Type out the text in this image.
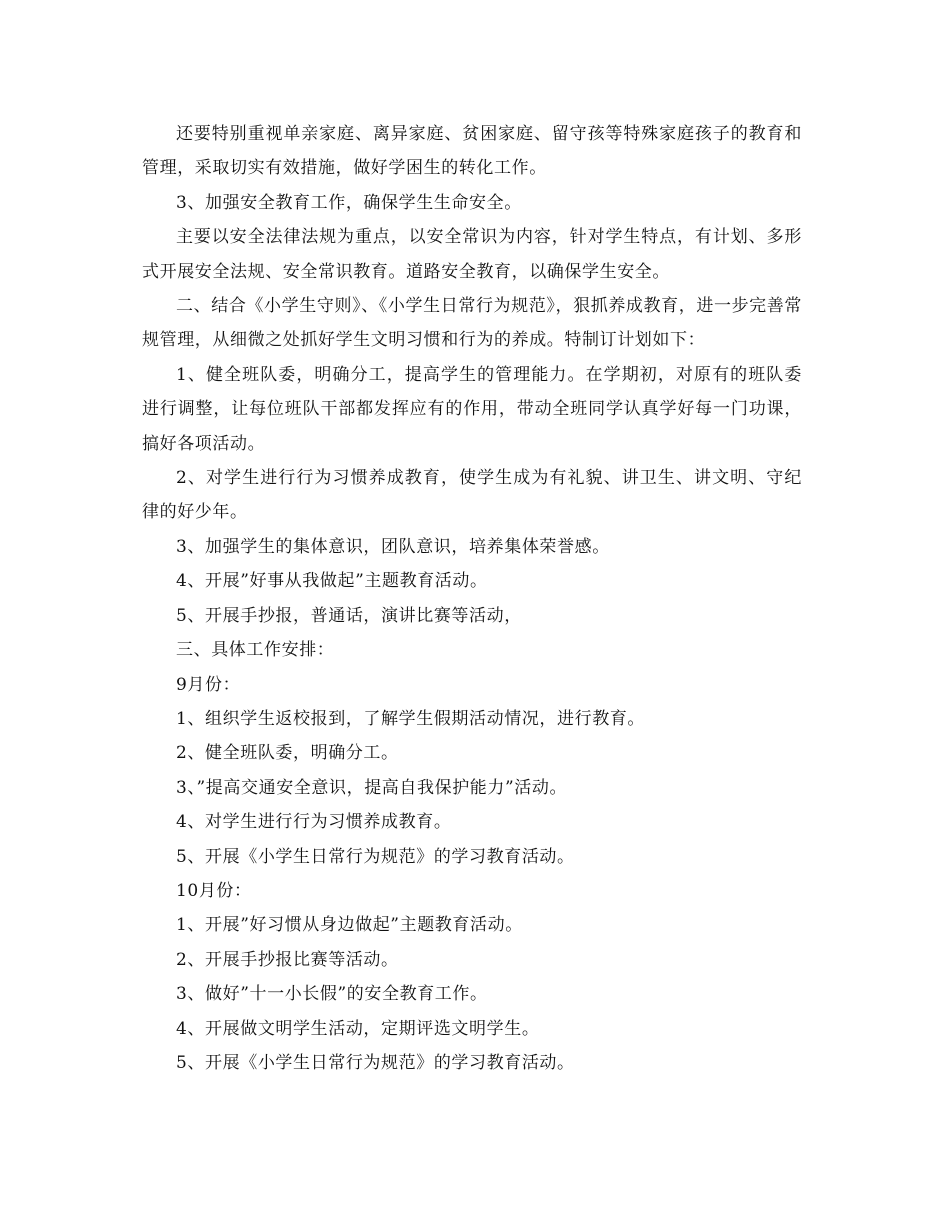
还要特别重视单亲家庭、离异家庭、贫困家庭、留守孩等特殊家庭孩子的教育和管理，采取切实有效措施，做好学困生的转化工作。

3、加强安全教育工作，确保学生生命安全。

主要以安全法律法规为重点，以安全常识为内容，针对学生特点，有计划、多形式开展安全法规、安全常识教育。道路安全教育，以确保学生安全。

二、结合《小学生守则》、《小学生日常行为规范》，狠抓养成教育，进一步完善常规管理，从细微之处抓好学生文明习惯和行为的养成。特制订计划如下：

1、健全班队委，明确分工，提高学生的管理能力。在学期初，对原有的班队委进行调整，让每位班队干部都发挥应有的作用，带动全班同学认真学好每一门功课，搞好各项活动。

2、对学生进行行为习惯养成教育，使学生成为有礼貌、讲卫生、讲文明、守纪律的好少年。

3、加强学生的集体意识，团队意识，培养集体荣誉感。

4、开展”好事从我做起”主题教育活动。

5、开展手抄报，普通话，演讲比赛等活动，

三、具体工作安排：

9月份：

1、组织学生返校报到，了解学生假期活动情况，进行教育。

2、健全班队委，明确分工。

3、”提高交通安全意识，提高自我保护能力”活动。

4、对学生进行行为习惯养成教育。

5、开展《小学生日常行为规范》的学习教育活动。

10月份：

1、开展”好习惯从身边做起”主题教育活动。

2、开展手抄报比赛等活动。

3、做好”十一小长假”的安全教育工作。

4、开展做文明学生活动，定期评选文明学生。

5、开展《小学生日常行为规范》的学习教育活动。
